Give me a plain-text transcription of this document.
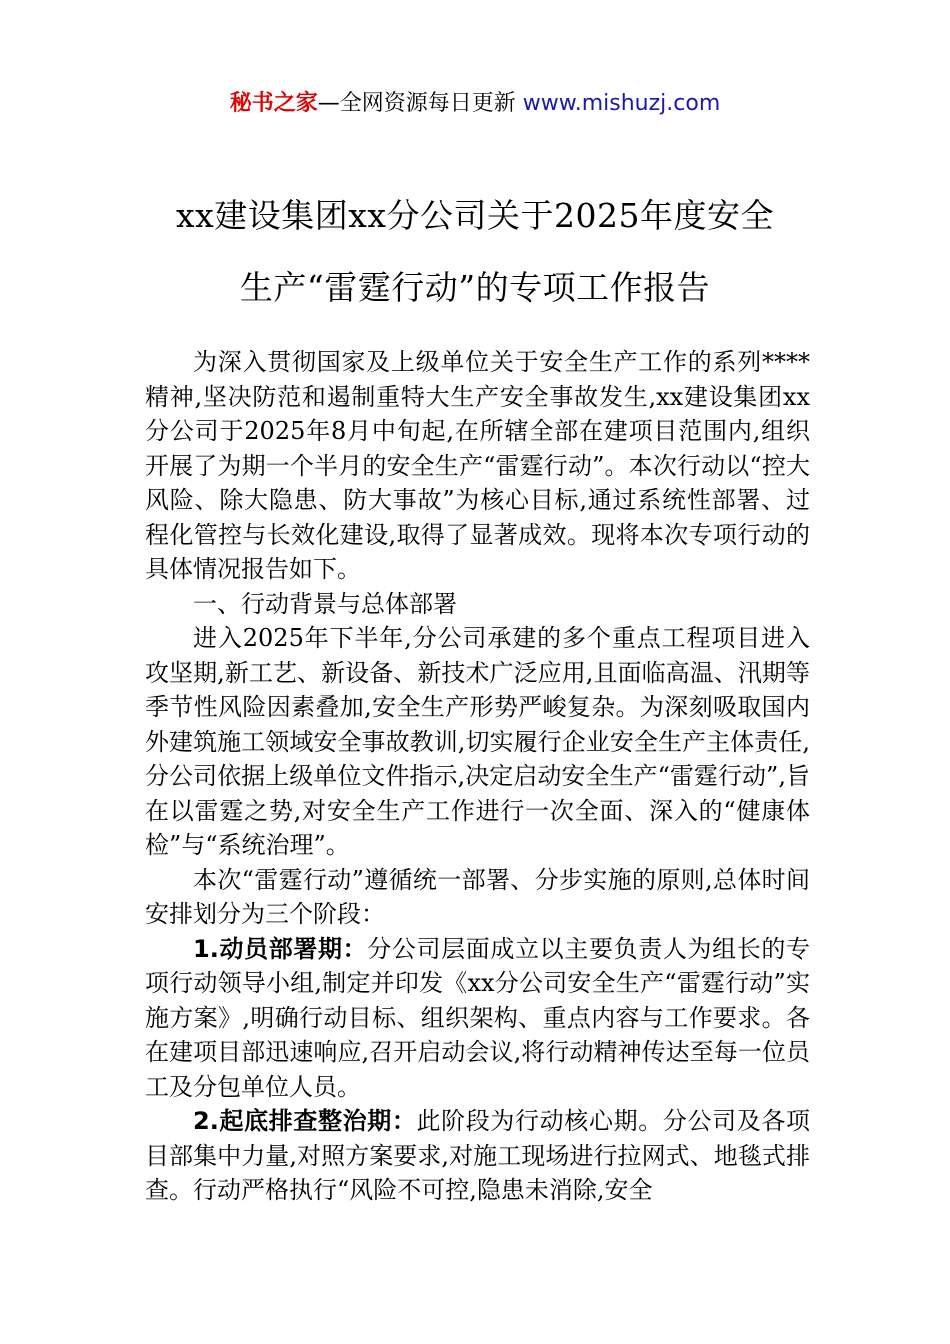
秘书之家—全网资源每日更新 www.mishuzj.com
xx建设集团xx分公司关于2025年度安全
生产“雷霆行动”的专项工作报告

为深入贯彻国家及上级单位关于安全生产工作的系列****精神,坚决防范和遏制重特大生产安全事故发生,xx建设集团xx分公司于2025年8月中旬起,在所辖全部在建项目范围内,组织开展了为期一个半月的安全生产“雷霆行动”。本次行动以“控大风险、除大隐患、防大事故”为核心目标,通过系统性部署、过程化管控与长效化建设,取得了显著成效。现将本次专项行动的具体情况报告如下。

一、行动背景与总体部署

进入2025年下半年,分公司承建的多个重点工程项目进入攻坚期,新工艺、新设备、新技术广泛应用,且面临高温、汛期等季节性风险因素叠加,安全生产形势严峻复杂。为深刻吸取国内外建筑施工领域安全事故教训,切实履行企业安全生产主体责任,分公司依据上级单位文件指示,决定启动安全生产“雷霆行动”,旨在以雷霆之势,对安全生产工作进行一次全面、深入的“健康体检”与“系统治理”。

本次“雷霆行动”遵循统一部署、分步实施的原则,总体时间安排划分为三个阶段：

1.动员部署期：分公司层面成立以主要负责人为组长的专项行动领导小组,制定并印发《xx分公司安全生产“雷霆行动”实施方案》,明确行动目标、组织架构、重点内容与工作要求。各在建项目部迅速响应,召开启动会议,将行动精神传达至每一位员工及分包单位人员。

2.起底排查整治期：此阶段为行动核心期。分公司及各项目部集中力量,对照方案要求,对施工现场进行拉网式、地毯式排查。行动严格执行“风险不可控,隐患未消除,安全
